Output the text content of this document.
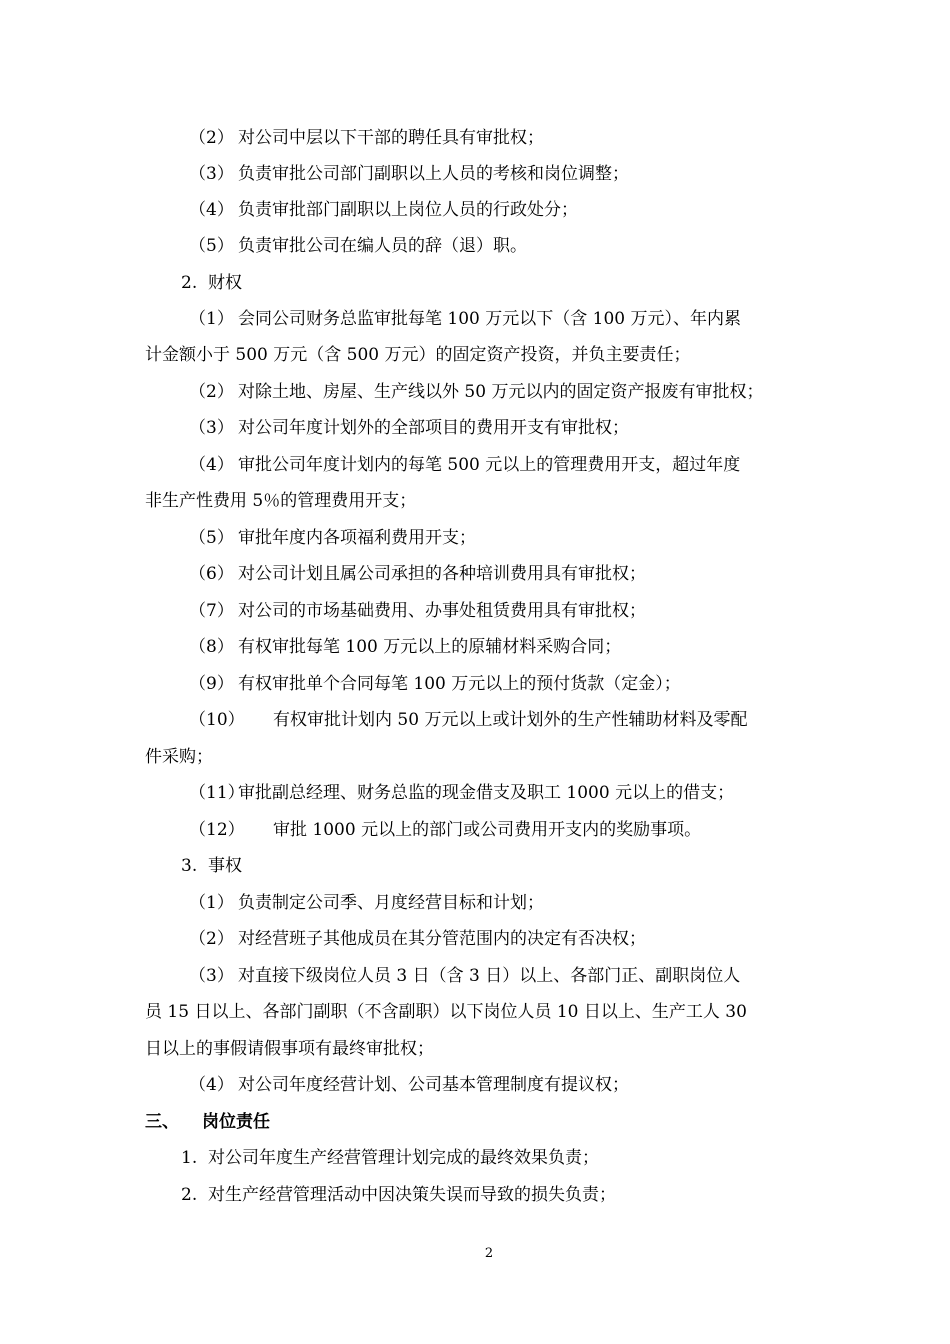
（2） 对公司中层以下干部的聘任具有审批权；
（3） 负责审批公司部门副职以上人员的考核和岗位调整；
（4） 负责审批部门副职以上岗位人员的行政处分；
（5） 负责审批公司在编人员的辞（退）职。
2. 财权
（1） 会同公司财务总监审批每笔 100 万元以下（含 100 万元）、年内累
计金额小于 500 万元（含 500 万元）的固定资产投资，并负主要责任；
（2） 对除土地、房屋、生产线以外 50 万元以内的固定资产报废有审批权；
（3） 对公司年度计划外的全部项目的费用开支有审批权；
（4） 审批公司年度计划内的每笔 500 元以上的管理费用开支，超过年度
非生产性费用 5％的管理费用开支；
（5） 审批年度内各项福利费用开支；
（6） 对公司计划且属公司承担的各种培训费用具有审批权；
（7） 对公司的市场基础费用、办事处租赁费用具有审批权；
（8） 有权审批每笔 100 万元以上的原辅材料采购合同；
（9） 有权审批单个合同每笔 100 万元以上的预付货款（定金）；
（10） 有权审批计划内 50 万元以上或计划外的生产性辅助材料及零配
件采购；
（11）
审批副总经理、财务总监的现金借支及职工 1000 元以上的借支；
（12） 审批 1000 元以上的部门或公司费用开支内的奖励事项。
3. 事权
（1） 负责制定公司季、月度经营目标和计划；
（2） 对经营班子其他成员在其分管范围内的决定有否决权；
（3） 对直接下级岗位人员 3 日（含 3 日）以上、各部门正、副职岗位人
员 15 日以上、各部门副职（不含副职）以下岗位人员 10 日以上、生产工人 30
日以上的事假请假事项有最终审批权；
（4） 对公司年度经营计划、公司基本管理制度有提议权；
三、 岗位责任
1. 对公司年度生产经营管理计划完成的最终效果负责；
2. 对生产经营管理活动中因决策失误而导致的损失负责；
2
